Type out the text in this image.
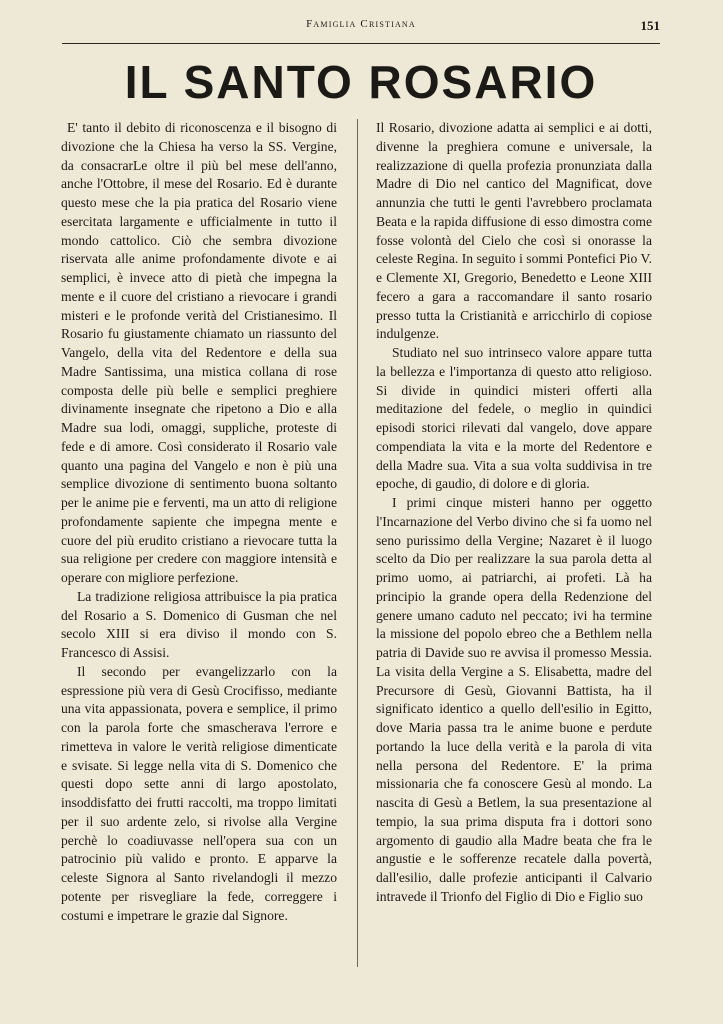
Famiglia Cristiana	151
IL SANTO ROSARIO

E' tanto il debito di riconoscenza e il bisogno di divozione che la Chiesa ha verso la SS. Vergine, da consacrarLe oltre il più bel mese dell'anno, anche l'Ottobre, il mese del Rosario. Ed è durante questo mese che la pia pratica del Rosario viene esercitata largamente e ufficialmente in tutto il mondo cattolico. Ciò che sembra divozione riservata alle anime profondamente divote e ai semplici, è invece atto di pietà che impegna la mente e il cuore del cristiano a rievocare i grandi misteri e le profonde verità del Cristianesimo. Il Rosario fu giustamente chiamato un riassunto del Vangelo, della vita del Redentore e della sua Madre Santissima, una mistica collana di rose composta delle più belle e semplici preghiere divinamente insegnate che ripetono a Dio e alla Madre sua lodi, omaggi, suppliche, proteste di fede e di amore. Così considerato il Rosario vale quanto una pagina del Vangelo e non è più una semplice divozione di sentimento buona soltanto per le anime pie e ferventi, ma un atto di religione profondamente sapiente che impegna mente e cuore del più erudito cristiano a rievocare tutta la sua religione per credere con maggiore intensità e operare con migliore perfezione.

La tradizione religiosa attribuisce la pia pratica del Rosario a S. Domenico di Gusman che nel secolo XIII si era diviso il mondo con S. Francesco di Assisi.

Il secondo per evangelizzarlo con la espressione più vera di Gesù Crocifisso, mediante una vita appassionata, povera e semplice, il primo con la parola forte che smascherava l'errore e rimetteva in valore le verità religiose dimenticate e svisate. Si legge nella vita di S. Domenico che questi dopo sette anni di largo apostolato, insoddisfatto dei frutti raccolti, ma troppo limitati per il suo ardente zelo, si rivolse alla Vergine perchè lo coadiuvasse nell'opera sua con un patrocinio più valido e pronto. E apparve la celeste Signora al Santo rivelandogli il mezzo potente per risvegliare la fede, correggere i costumi e impetrare le grazie dal Signore.

Il Rosario, divozione adatta ai semplici e ai dotti, divenne la preghiera comune e universale, la realizzazione di quella profezia pronunziata dalla Madre di Dio nel cantico del Magnificat, dove annunzia che tutti le genti l'avrebbero proclamata Beata e la rapida diffusione di esso dimostra come fosse volontà del Cielo che così si onorasse la celeste Regina. In seguito i sommi Pontefici Pio V. e Clemente XI, Gregorio, Benedetto e Leone XIII fecero a gara a raccomandare il santo rosario presso tutta la Cristianità e arricchirlo di copiose indulgenze.

Studiato nel suo intrinseco valore appare tutta la bellezza e l'importanza di questo atto religioso. Si divide in quindici misteri offerti alla meditazione del fedele, o meglio in quindici episodi storici rilevati dal vangelo, dove appare compendiata la vita e la morte del Redentore e della Madre sua. Vita a sua volta suddivisa in tre epoche, di gaudio, di dolore e di gloria.

I primi cinque misteri hanno per oggetto l'Incarnazione del Verbo divino che si fa uomo nel seno purissimo della Vergine; Nazaret è il luogo scelto da Dio per realizzare la sua parola detta al primo uomo, ai patriarchi, ai profeti. Là ha principio la grande opera della Redenzione del genere umano caduto nel peccato; ivi ha termine la missione del popolo ebreo che a Bethlem nella patria di Davide suo re avvisa il promesso Messia. La visita della Vergine a S. Elisabetta, madre del Precursore di Gesù, Giovanni Battista, ha il significato identico a quello dell'esilio in Egitto, dove Maria passa tra le anime buone e perdute portando la luce della verità e la parola di vita nella persona del Redentore. E' la prima missionaria che fa conoscere Gesù al mondo. La nascita di Gesù a Betlem, la sua presentazione al tempio, la sua prima disputa fra i dottori sono argomento di gaudio alla Madre beata che fra le angustie e le sofferenze recatele dalla povertà, dall'esilio, dalle profezie anticipanti il Calvario intravede il Trionfo del Figlio di Dio e Figlio suo
